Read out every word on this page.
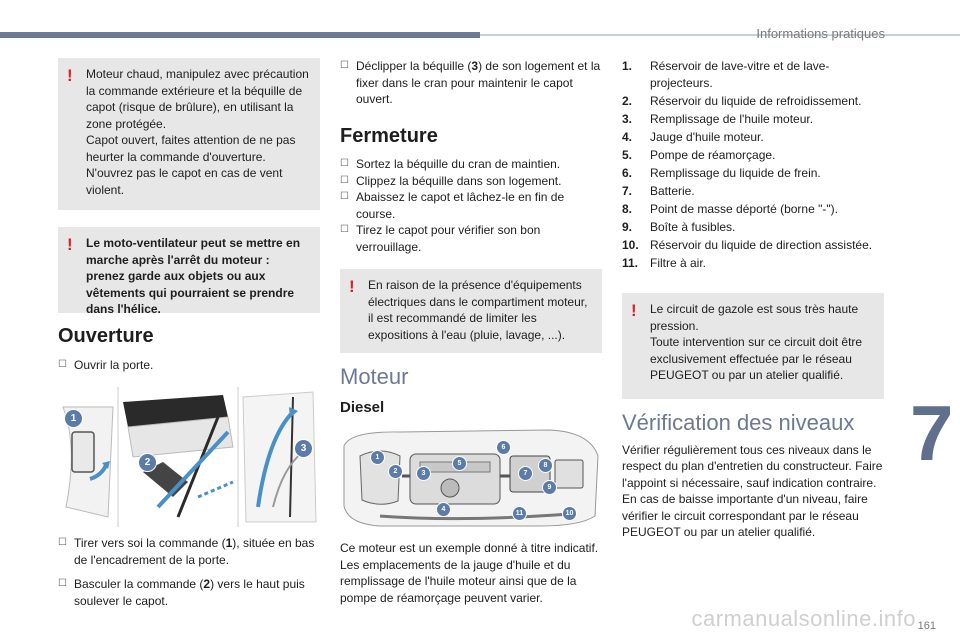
Informations pratiques
7
carmanualsonline.info 161
! Moteur chaud, manipulez avec précaution la commande extérieure et la béquille de capot (risque de brûlure), en utilisant la zone protégée.

Capot ouvert, faites attention de ne pas heurter la commande d'ouverture.

N'ouvrez pas le capot en cas de vent violent.

! Le moto-ventilateur peut se mettre en marche après l'arrêt du moteur : prenez garde aux objets ou aux vêtements qui pourraient se prendre dans l'hélice.

Ouverture

☐ Ouvrir la porte.

1
2
3

☐ Tirer vers soi la commande (1), située en bas de l'encadrement de la porte.

☐ Basculer la commande (2) vers le haut puis soulever le capot.

☐ Déclipper la béquille (3) de son logement et la fixer dans le cran pour maintenir le capot ouvert.

Fermeture

☐ Sortez la béquille du cran de maintien.

☐ Clippez la béquille dans son logement.

☐ Abaissez le capot et lâchez-le en fin de course.

☐ Tirez le capot pour vérifier son bon verrouillage.

! En raison de la présence d'équipements électriques dans le compartiment moteur, il est recommandé de limiter les expositions à l'eau (pluie, lavage, ...).

Moteur
Diesel
1
2	3
4
5
6
7
8
9
10
11

Ce moteur est un exemple donné à titre indicatif. Les emplacements de la jauge d'huile et du remplissage de l'huile moteur ainsi que de la pompe de réamorçage peuvent varier.

1. Réservoir de lave-vitre et de lave-projecteurs.
2. Réservoir du liquide de refroidissement.
3. Remplissage de l'huile moteur.
4. Jauge d'huile moteur.
5. Pompe de réamorçage.
6. Remplissage du liquide de frein.
7. Batterie.
8. Point de masse déporté (borne "-").
9. Boîte à fusibles.
10. Réservoir du liquide de direction assistée.
11. Filtre à air.
! Le circuit de gazole est sous très haute pression.

Toute intervention sur ce circuit doit être exclusivement effectuée par le réseau PEUGEOT ou par un atelier qualifié.

Vérification des niveaux

Vérifier régulièrement tous ces niveaux dans le respect du plan d'entretien du constructeur. Faire l'appoint si nécessaire, sauf indication contraire.

En cas de baisse importante d'un niveau, faire vérifier le circuit correspondant par le réseau PEUGEOT ou par un atelier qualifié.
